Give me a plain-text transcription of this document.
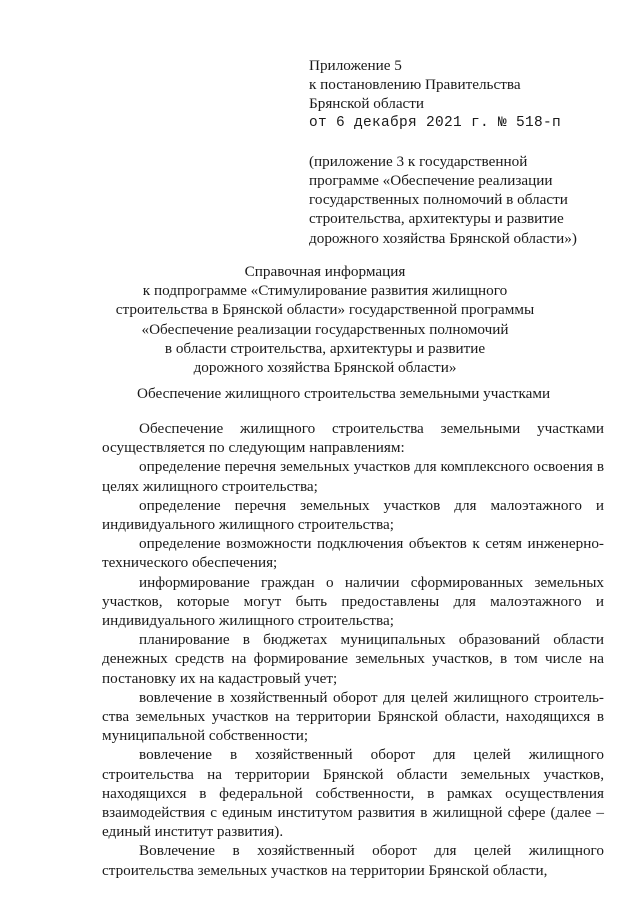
Приложение 5
к постановлению Правительства
Брянской области
от 6 декабря 2021 г. № 518-п
(приложение 3 к государственной
программе «Обеспечение реализации
государственных полномочий в области
строительства, архитектуры и развитие
дорожного хозяйства Брянской области»)
Справочная информация
к подпрограмме «Стимулирование развития жилищного
строительства в Брянской области» государственной программы
«Обеспечение реализации государственных полномочий
в области строительства, архитектуры и развитие
дорожного хозяйства Брянской области»
Обеспечение жилищного строительства земельными участками

Обеспечение жилищного строительства земельными участками осуществляется по следующим направлениям:

определение перечня земельных участков для комплексного освоения в целях жилищного строительства;

определение перечня земельных участков для малоэтажного и индивидуального жилищного строительства;

определение возможности подключения объектов к сетям инженерно-технического обеспечения;

информирование граждан о наличии сформированных земельных участков, которые могут быть предоставлены для малоэтажного и индивидуального жилищного строительства;

планирование в бюджетах муниципальных образований области денежных средств на формирование земельных участков, в том числе на постановку их на кадастровый учет;

вовлечение в хозяйственный оборот для целей жилищного строитель-ства земельных участков на территории Брянской области, находящихся в муниципальной собственности;

вовлечение в хозяйственный оборот для целей жилищного строительства на территории Брянской области земельных участков, находящихся в федеральной собственности, в рамках осуществления взаимодействия с единым институтом развития в жилищной сфере (далее – единый институт развития).

Вовлечение в хозяйственный оборот для целей жилищного строительства земельных участков на территории Брянской области,
